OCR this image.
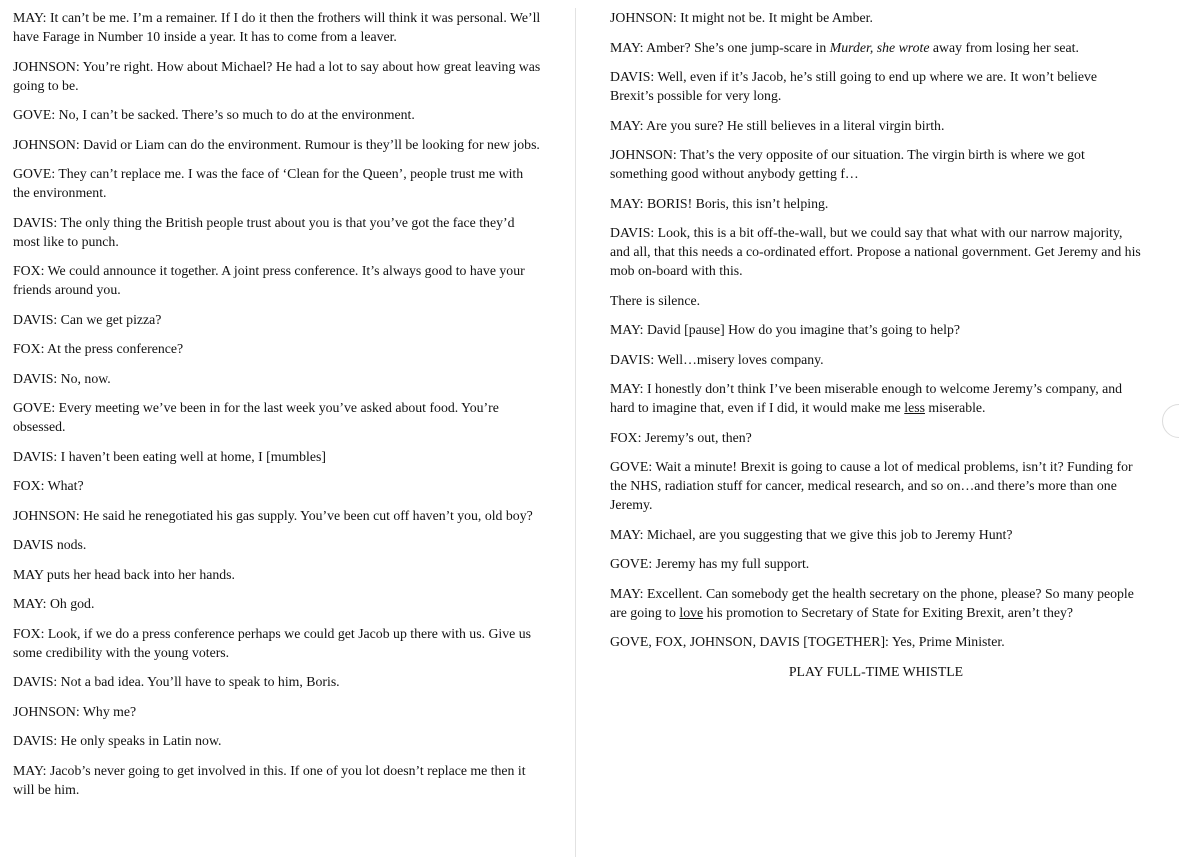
MAY: It can’t be me. I’m a remainer. If I do it then the frothers will think it was personal. We’ll have Farage in Number 10 inside a year. It has to come from a leaver.

JOHNSON: You’re right. How about Michael? He had a lot to say about how great leaving was going to be.

GOVE: No, I can’t be sacked. There’s so much to do at the environment.

JOHNSON: David or Liam can do the environment. Rumour is they’ll be looking for new jobs.

GOVE: They can’t replace me. I was the face of ‘Clean for the Queen’, people trust me with the environment.

DAVIS: The only thing the British people trust about you is that you’ve got the face they’d most like to punch.

FOX: We could announce it together. A joint press conference. It’s always good to have your friends around you.

DAVIS: Can we get pizza?

FOX: At the press conference?

DAVIS: No, now.

GOVE: Every meeting we’ve been in for the last week you’ve asked about food. You’re obsessed.

DAVIS: I haven’t been eating well at home, I [mumbles]

FOX: What?

JOHNSON: He said he renegotiated his gas supply. You’ve been cut off haven’t you, old boy?

DAVIS nods.

MAY puts her head back into her hands.

MAY: Oh god.

FOX: Look, if we do a press conference perhaps we could get Jacob up there with us. Give us some credibility with the young voters.

DAVIS: Not a bad idea. You’ll have to speak to him, Boris.

JOHNSON: Why me?

DAVIS: He only speaks in Latin now.

MAY: Jacob’s never going to get involved in this. If one of you lot doesn’t replace me then it will be him.

JOHNSON: It might not be. It might be Amber.

MAY: Amber? She’s one jump-scare in Murder, she wrote away from losing her seat.

DAVIS: Well, even if it’s Jacob, he’s still going to end up where we are. It won’t believe Brexit’s possible for very long.

MAY: Are you sure? He still believes in a literal virgin birth.

JOHNSON: That’s the very opposite of our situation. The virgin birth is where we got something good without anybody getting f…

MAY: BORIS! Boris, this isn’t helping.

DAVIS: Look, this is a bit off-the-wall, but we could say that what with our narrow majority, and all, that this needs a co-ordinated effort. Propose a national government. Get Jeremy and his mob on-board with this.

There is silence.

MAY: David [pause] How do you imagine that’s going to help?

DAVIS: Well…misery loves company.

MAY: I honestly don’t think I’ve been miserable enough to welcome Jeremy’s company, and hard to imagine that, even if I did, it would make me less miserable.

FOX: Jeremy’s out, then?

GOVE: Wait a minute! Brexit is going to cause a lot of medical problems, isn’t it? Funding for the NHS, radiation stuff for cancer, medical research, and so on…and there’s more than one Jeremy.

MAY: Michael, are you suggesting that we give this job to Jeremy Hunt?

GOVE: Jeremy has my full support.

MAY: Excellent. Can somebody get the health secretary on the phone, please? So many people are going to love his promotion to Secretary of State for Exiting Brexit, aren’t they?

GOVE, FOX, JOHNSON, DAVIS [TOGETHER]: Yes, Prime Minister.

PLAY FULL-TIME WHISTLE
